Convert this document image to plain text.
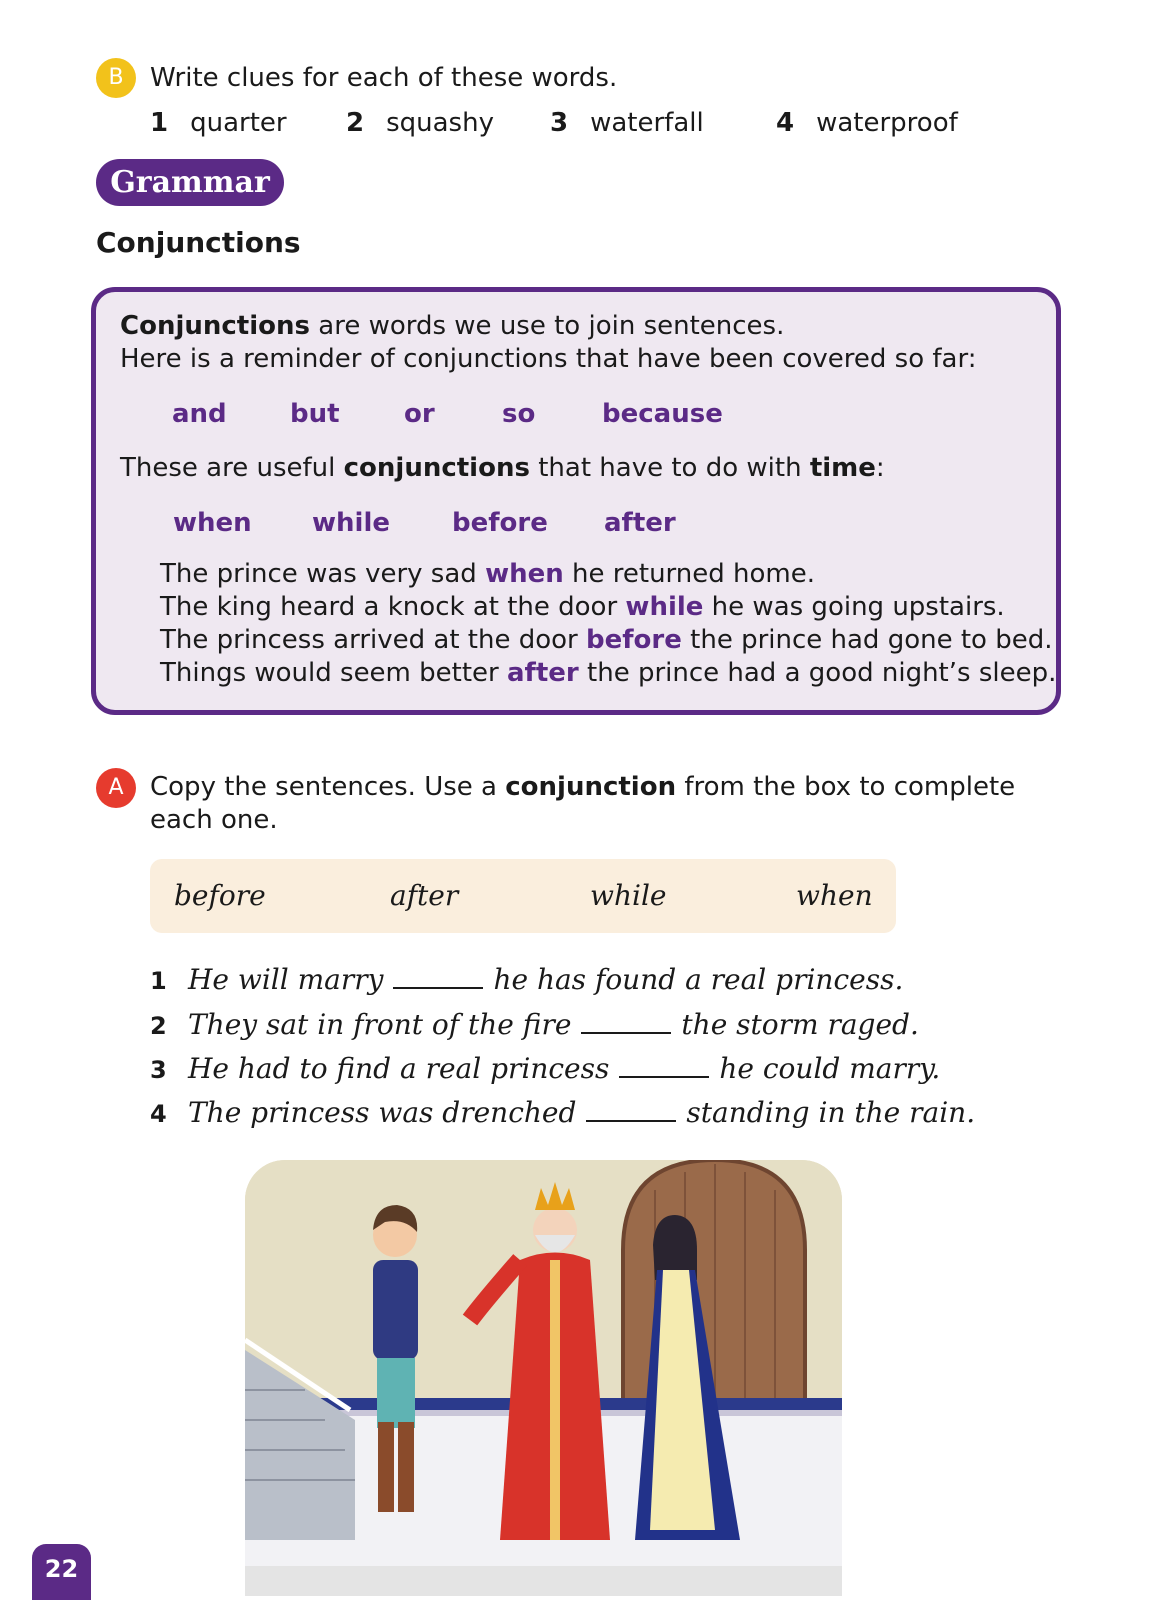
B	Write clues for each of these words.
1 quarter 2 squashy 3 waterfall	4 waterproof
Grammar
Conjunctions
Conjunctions are words we use to join sentences.
Here is a reminder of conjunctions that have been covered so far:
and but or	so	because
These are useful conjunctions that have to do with time:
when while before after
The prince was very sad when he returned home.
The king heard a knock at the door while he was going upstairs.
The princess arrived at the door before the prince had gone to bed.
Things would seem better after the prince had a good night’s sleep.
A	Copy the sentences. Use a conjunction from the box to complete
each one.
before	after	while	when
1 He will marry	he has found a real princess.
2 They sat in front of the fire	the storm raged.
3 He had to find a real princess	he could marry.
4 The princess was drenched	standing in the rain.
22
